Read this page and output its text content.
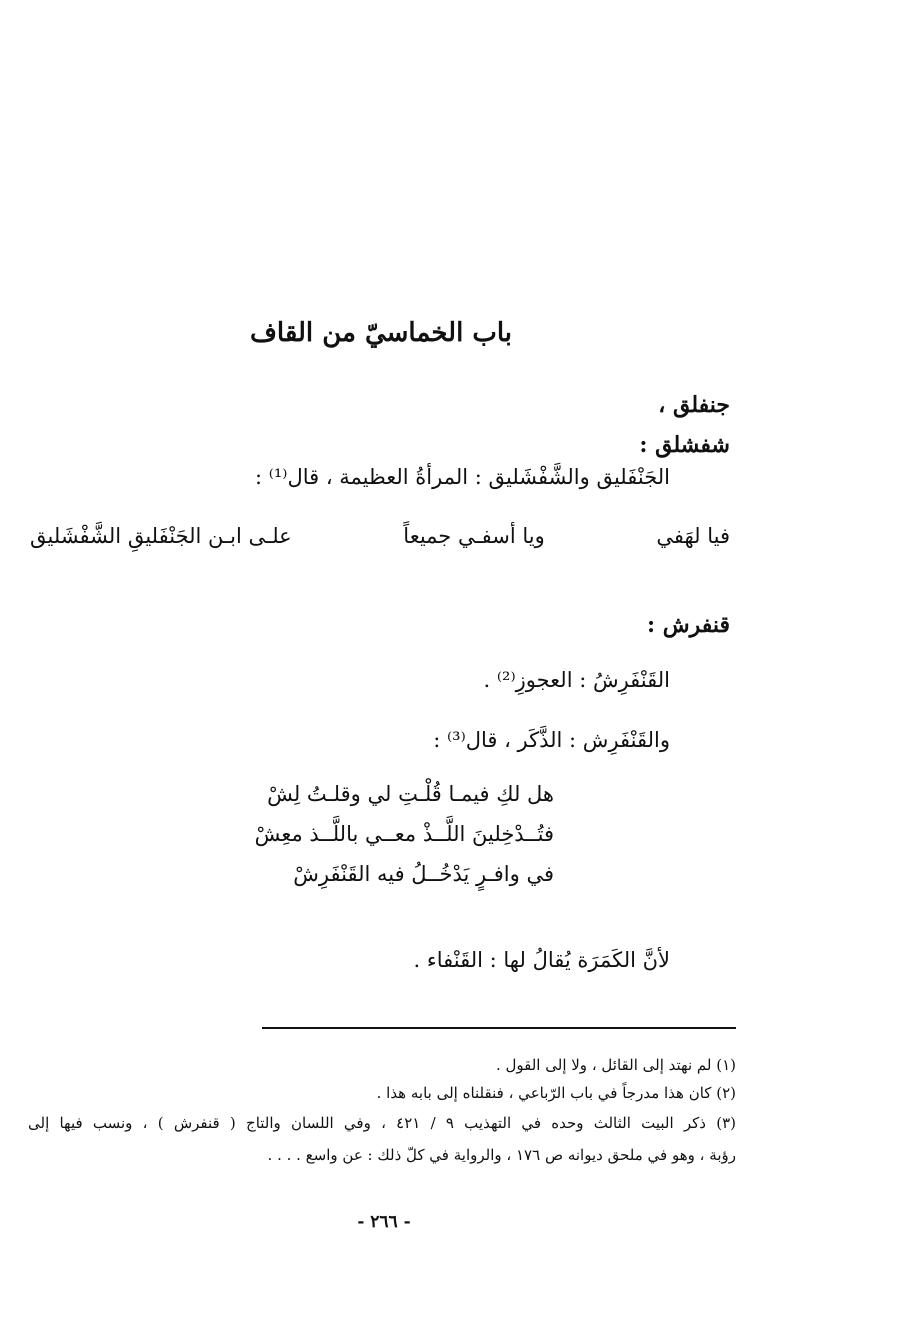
باب الخماسيّ من القاف
جنفلق ،
شفشلق :
الجَنْفَليق والشَّفْشَليق : المرأةُ العظيمة ، قال⁽¹⁾ :
فيا لهَفي
ويا أسفـي جميعاً
علـى ابـن الجَنْفَليقِ الشَّفْشَليق
قنفرش :
القَنْفَرِشُ : العجوزِ⁽²⁾ .
والقَنْفَرِش : الذَّكَر ، قال⁽³⁾ :
هل لكِ فيمـا قُلْـتِ لي وقلـتُ لِشْ
فتُــدْخِلينَ اللَّــذْ معــي باللَّــذ معِشْ
في وافـرٍ يَدْخُــلُ فيه القَنْفَرِشْ
لأنَّ الكَمَرَة يُقالُ لها : القَنْفاء .
(١) لم نهتد إلى القائل ، ولا إلى القول .
(٢) كان هذا مدرجاً في باب الرّباعي ، فنقلناه إلى بابه هذا .
(٣) ذكر البيت الثالث وحده في التهذيب ٩ / ٤٢١ ، وفي اللسان والتاج ( قنفرش ) ، ونسب فيها إلى
رؤبة ، وهو في ملحق ديوانه ص ١٧٦ ، والرواية في كلّ ذلك : عن واسع . . . .
- ٢٦٦ -
